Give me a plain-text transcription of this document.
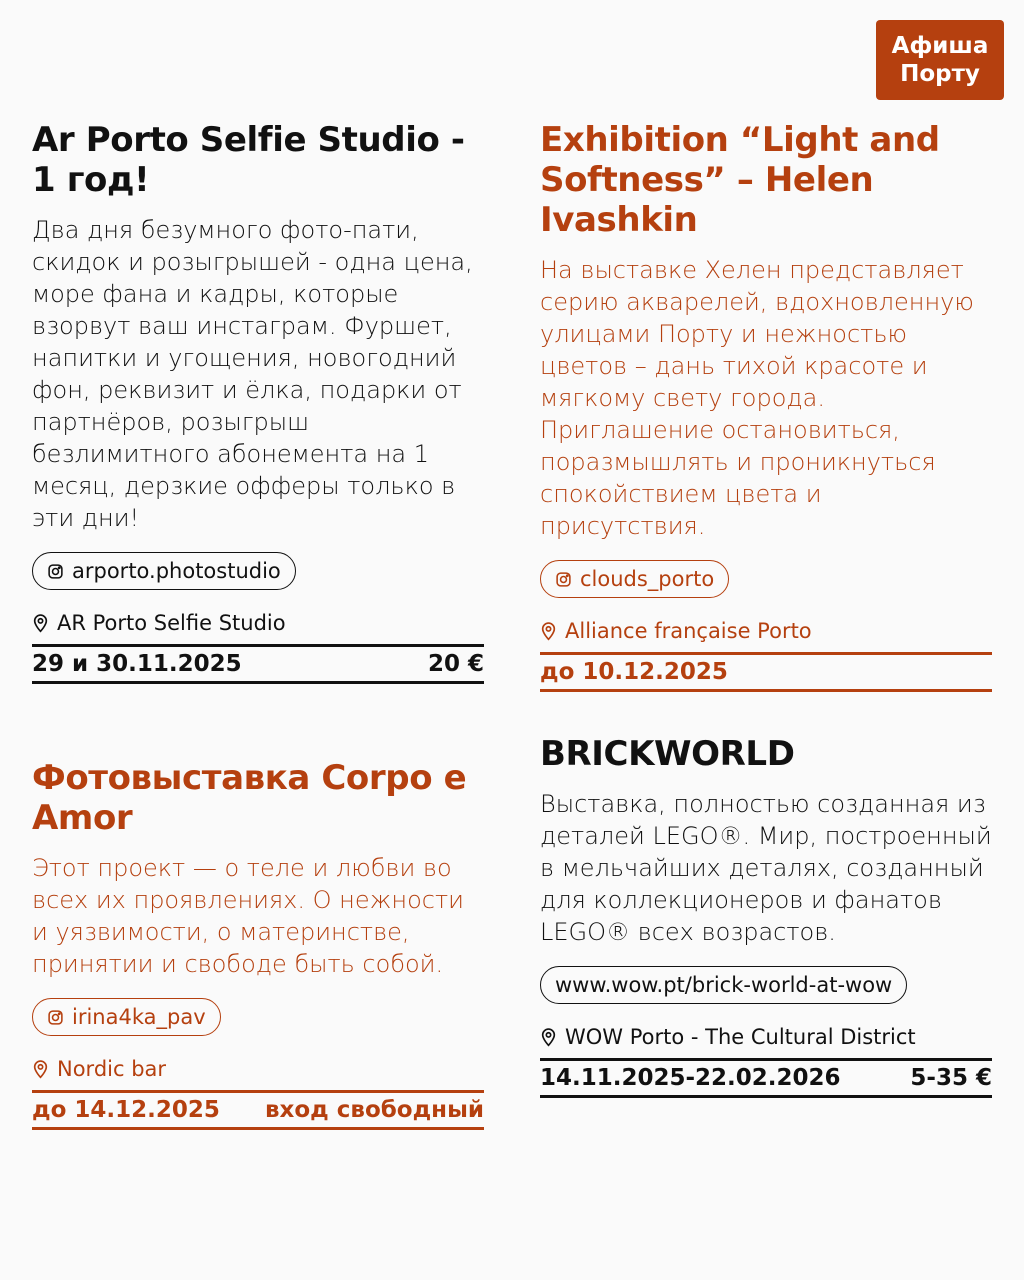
Афиша
Порту
Ar Porto Selfie Studio - 1 год!

Два дня безумного фото-пати, скидок и розыгрышей - одна цена, море фана и кадры, которые взорвут ваш инстаграм. Фуршет, напитки и угощения, новогодний фон, реквизит и ёлка, подарки от партнёров, розыгрыш безлимитного абонемента на 1 месяц, дерзкие офферы только в эти дни!

arporto.photostudio
AR Porto Selfie Studio
29 и 30.11.2025	20 €
Exhibition “Light and Softness” – Helen Ivashkin

На выставке Хелен представляет серию акварелей, вдохновленную улицами Порту и нежностью цветов – дань тихой красоте и мягкому свету города. Приглашение остановиться, поразмышлять и проникнуться спокойствием цвета и присутствия.

clouds_porto
Alliance française Porto
до 10.12.2025
Фотовыставка Corpo e Amor

Этот проект — о теле и любви во всех их проявлениях. О нежности и уязвимости, о материнстве, принятии и свободе быть собой.

irina4ka_pav
Nordic bar
до 14.12.2025 вход свободный
BRICKWORLD

Выставка, полностью созданная из деталей LEGO®. Мир, построенный в мельчайших деталях, созданный для коллекционеров и фанатов LEGO® всех возрастов.

www.wow.pt/brick-world-at-wow
WOW Porto - The Cultural District
14.11.2025-22.02.2026	5-35 €
